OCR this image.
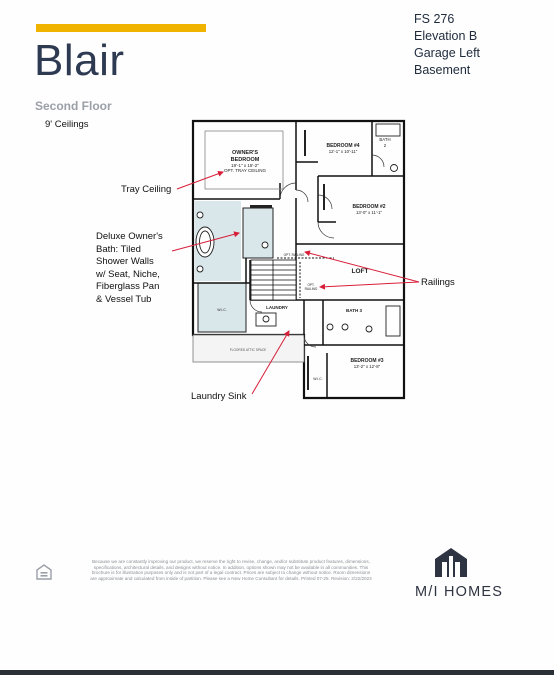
Blair
FS 276
Elevation B
Garage Left
Basement
Second Floor
9' Ceilings
OWNER'S
BEDROOM
19'-1" x 15'-2"
OPT. TRAY CEILING
BEDROOM #4
12'-1" x 10'-11"
BATH
2
BEDROOM #2
13'-0" x 11'-1"
LOFT
OPT. RAILING
OPT.
RAILING
BATH 3
LAUNDRY
W.I.C.
W.I.C.
FLOORED ATTIC SPACE
BEDROOM #3
13'-2" x 12'-8"
Tray Ceiling
Deluxe Owner's
Bath: Tiled
Shower Walls
w/ Seat, Niche,
Fiberglass Pan
& Vessel Tub
Railings
Laundry Sink
Because we are constantly improving our product, we reserve the right to revise, change, and/or substitute product features, dimensions, specifications, architectural details, and designs without notice. In addition, options shown may not be available in all communities. This brochure is for illustration purposes only and is not part of a legal contract. Prices are subject to change without notice. Room dimensions are approximate and calculated from inside of partition. Please see a New Home Consultant for details. Printed 07-25. Revision: 2/22/2023
M/I HOMES
